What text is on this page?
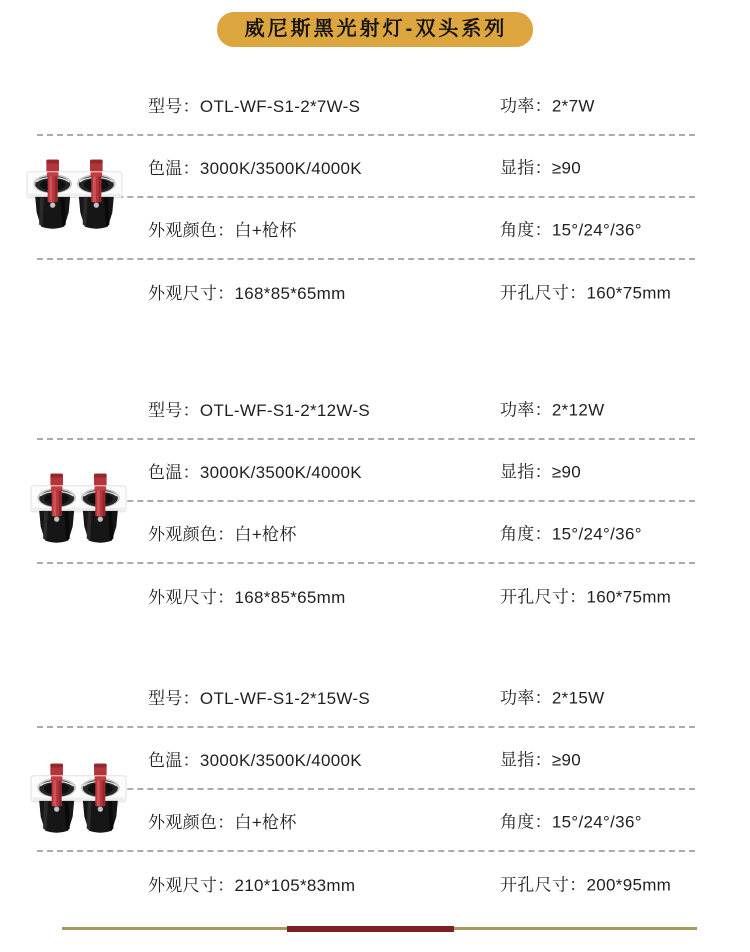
威尼斯黑光射灯-双头系列
型号：OTL-WF-S1-2*7W-S	功率：2*7W
色温：3000K/3500K/4000K	显指：≥90
外观颜色：白+枪杯	角度：15°/24°/36°
外观尺寸：168*85*65mm	开孔尺寸：160*75mm
型号：OTL-WF-S1-2*12W-S	功率：2*12W
色温：3000K/3500K/4000K	显指：≥90
外观颜色：白+枪杯	角度：15°/24°/36°
外观尺寸：168*85*65mm	开孔尺寸：160*75mm
型号：OTL-WF-S1-2*15W-S	功率：2*15W
色温：3000K/3500K/4000K	显指：≥90
外观颜色：白+枪杯	角度：15°/24°/36°
外观尺寸：210*105*83mm	开孔尺寸：200*95mm
